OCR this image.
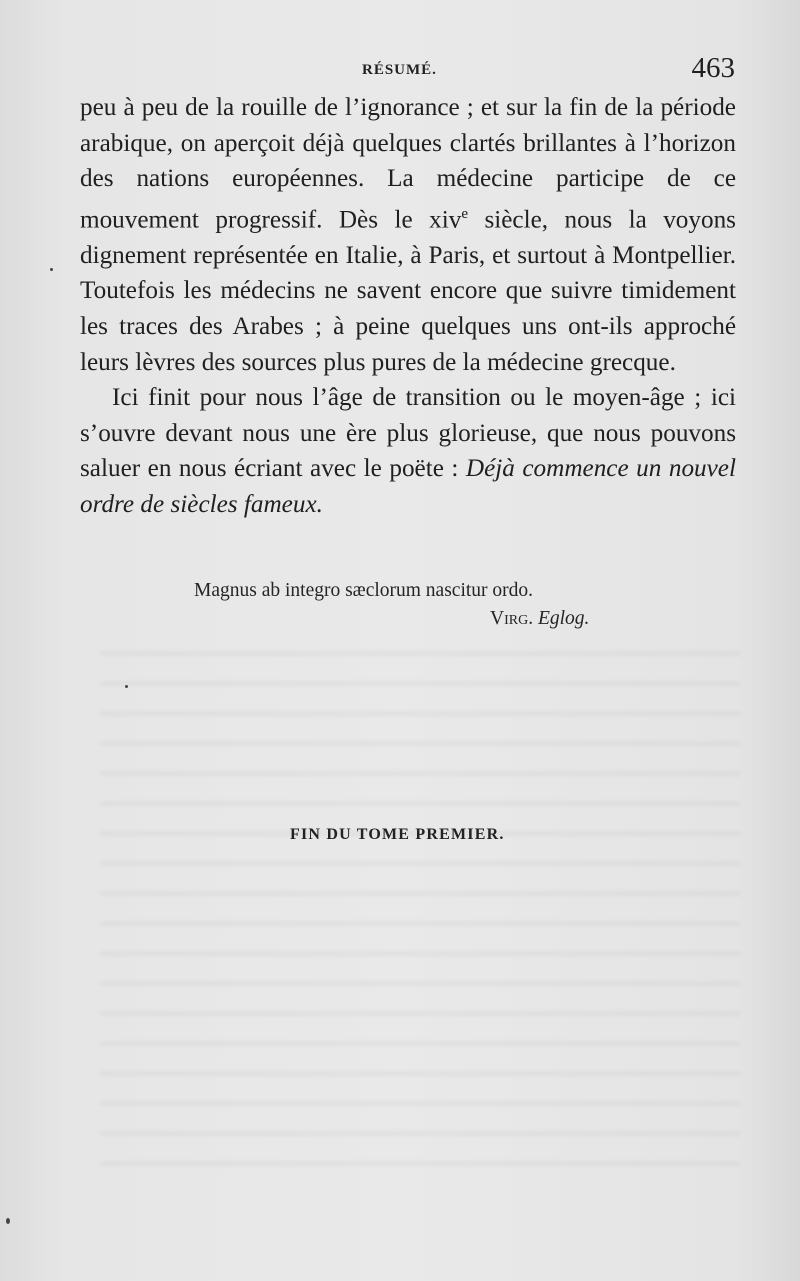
RÉSUMÉ.	463

peu à peu de la rouille de l’ignorance ; et sur la fin de la période arabique, on aperçoit déjà quelques clartés brillantes à l’horizon des nations européennes. La médecine participe de ce mouvement progressif. Dès le xiv$^e$ siècle, nous la voyons dignement représentée en Italie, à Paris, et surtout à Montpellier. Toutefois les médecins ne savent encore que suivre timidement les traces des Arabes ; à peine quelques uns ont-ils approché leurs lèvres des sources plus pures de la médecine grecque.

Ici finit pour nous l’âge de transition ou le moyen-âge ; ici s’ouvre devant nous une ère plus glorieuse, que nous pouvons saluer en nous écriant avec le poëte : Déjà commence un nouvel ordre de siècles fameux.

Magnus ab integro sæclorum nascitur ordo.
Virg. Eglog.
FIN DU TOME PREMIER.
